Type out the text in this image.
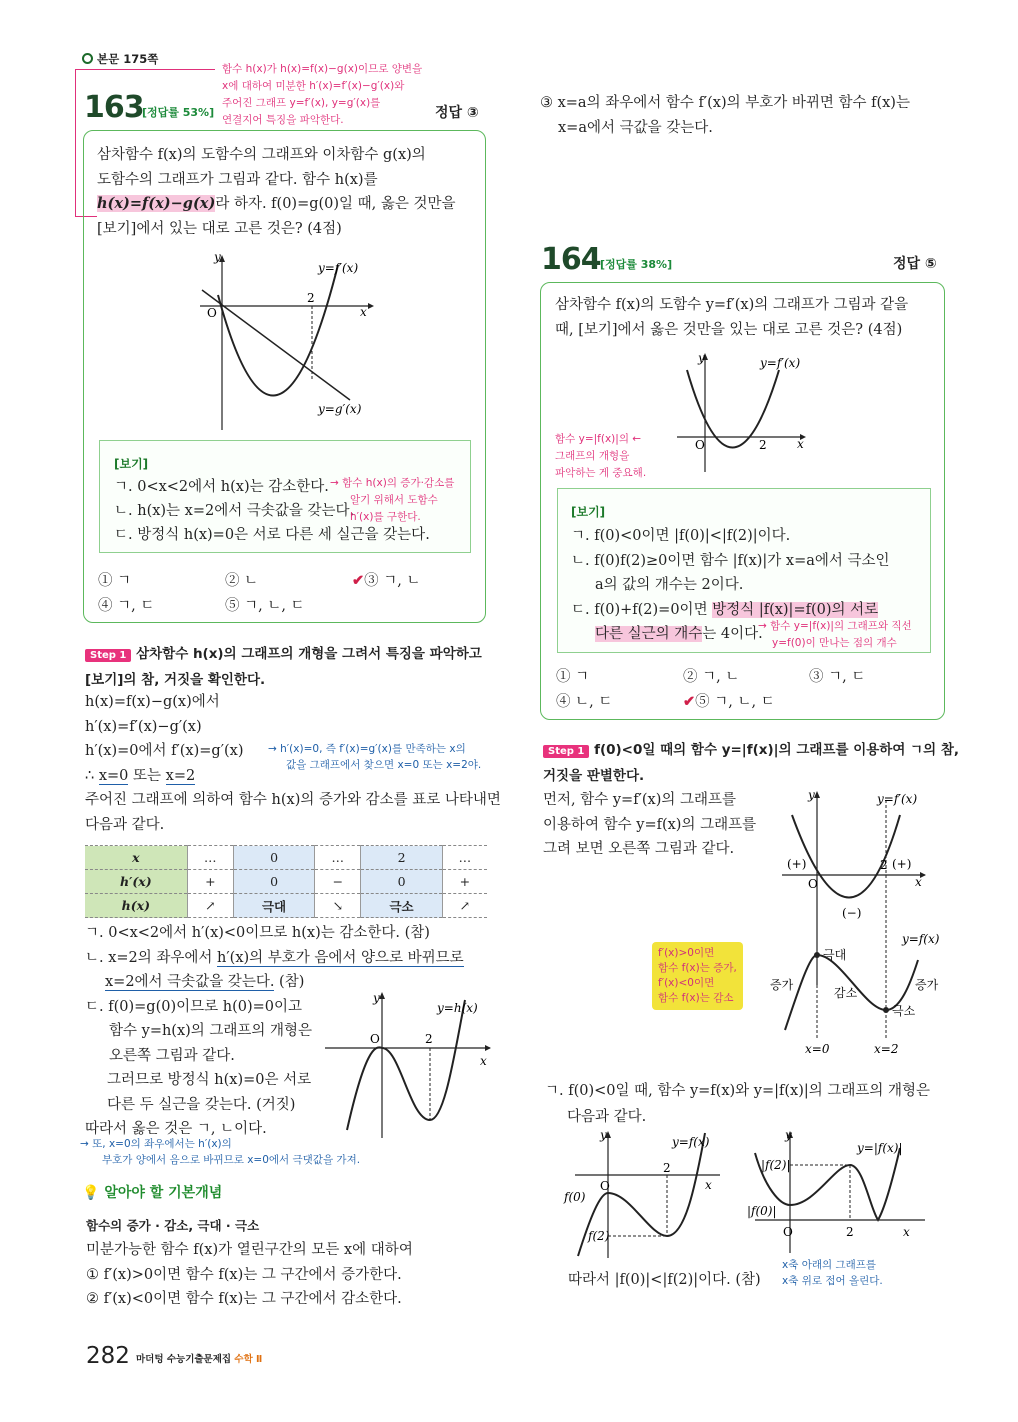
본문 175쪽
163
[정답률 53%]
함수 h(x)가 h(x)=f(x)−g(x)이므로 양변을
x에 대하여 미분한 h′(x)=f′(x)−g′(x)와
주어진 그래프 y=f′(x), y=g′(x)를
연결지어 특징을 파악한다.	정답 ③
삼차함수 f(x)의 도함수의 그래프와 이차함수 g(x)의
도함수의 그래프가 그림과 같다. 함수 h(x)를
h(x)=f(x)−g(x)라 하자. f(0)=g(0)일 때, 옳은 것만을
[보기]에서 있는 대로 고른 것은? (4점)
y
O
2
x
y=f′(x)
y=g′(x)
[보기]
ㄱ. 0<x<2에서 h(x)는 감소한다.
ㄴ. h(x)는 x=2에서 극솟값을 갖는다.
ㄷ. 방정식 h(x)=0은 서로 다른 세 실근을 갖는다.
→ 함수 h(x)의 증가·감소를
알기 위해서 도함수
h′(x)를 구한다.
① ㄱ	② ㄴ	✔③ ㄱ, ㄴ
④ ㄱ, ㄷ	⑤ ㄱ, ㄴ, ㄷ
Step 1 삼차함수 h(x)의 그래프의 개형을 그려서 특징을 파악하고
[보기]의 참, 거짓을 확인한다.
h(x)=f(x)−g(x)에서
h′(x)=f′(x)−g′(x)
h′(x)=0에서 f′(x)=g′(x)
∴ x=0 또는 x=2
주어진 그래프에 의하여 함수 h(x)의 증가와 감소를 표로 나타내면
다음과 같다.
→ h′(x)=0, 즉 f′(x)=g′(x)를 만족하는 x의
값을 그래프에서 찾으면 x=0 또는 x=2야.
x	…	0	…	2	…
h′(x)	+	0	−	0	+
h(x)	↗	극대	↘	극소	↗
ㄱ. 0<x<2에서 h′(x)<0이므로 h(x)는 감소한다. (참)
ㄴ. x=2의 좌우에서 h′(x)의 부호가 음에서 양으로 바뀌므로
x=2에서 극솟값을 갖는다. (참)
ㄷ. f(0)=g(0)이므로 h(0)=0이고
함수 y=h(x)의 그래프의 개형은
오른쪽 그림과 같다.
그러므로 방정식 h(x)=0은 서로
다른 두 실근을 갖는다. (거짓)
따라서 옳은 것은 ㄱ, ㄴ이다.
→ 또, x=0의 좌우에서는 h′(x)의
부호가 양에서 음으로 바뀌므로 x=0에서 극댓값을 가져.
y
O	2
x
y=h(x)
💡 알아야 할 기본개념
함수의 증가 · 감소, 극대 · 극소
미분가능한 함수 f(x)가 열린구간의 모든 x에 대하여
① f′(x)>0이면 함수 f(x)는 그 구간에서 증가한다.
② f′(x)<0이면 함수 f(x)는 그 구간에서 감소한다.
282 마더텅 수능기출문제집 수학 Ⅱ
③ x=a의 좌우에서 함수 f′(x)의 부호가 바뀌면 함수 f(x)는
x=a에서 극값을 갖는다.
164 [정답률 38%]	정답 ⑤
삼차함수 f(x)의 도함수 y=f′(x)의 그래프가 그림과 같을
때, [보기]에서 옳은 것만을 있는 대로 고른 것은? (4점)
y
O	2	x
y=f′(x)
함수 y=|f(x)|의 ←
그래프의 개형을
파악하는 게 중요해.
[보기]
ㄱ. f(0)<0이면 |f(0)|<|f(2)|이다.
ㄴ. f(0)f(2)≥0이면 함수 |f(x)|가 x=a에서 극소인
a의 값의 개수는 2이다.
ㄷ. f(0)+f(2)=0이면 방정식 |f(x)|=f(0)의 서로
다른 실근의 개수는 4이다.
→ 함수 y=|f(x)|의 그래프와 직선
y=f(0)이 만나는 점의 개수
① ㄱ	② ㄱ, ㄴ	③ ㄱ, ㄷ
④ ㄴ, ㄷ	✔⑤ ㄱ, ㄴ, ㄷ
Step 1 f(0)<0일 때의 함수 y=|f(x)|의 그래프를 이용하여 ㄱ의 참,
거짓을 판별한다.
먼저, 함수 y=f′(x)의 그래프를
이용하여 함수 y=f(x)의 그래프를
그려 보면 오른쪽 그림과 같다.
y	y=f′(x)
(+)	2 (+)
O	x
(−)
y=f(x)
극대
증가
감소
증가
극소
x=0	x=2
f′(x)>0이면
함수 f(x)는 증가,
f′(x)<0이면
함수 f(x)는 감소
ㄱ. f(0)<0일 때, 함수 y=f(x)와 y=|f(x)|의 그래프의 개형은
다음과 같다.
y
O
2
x
y=f(x)
f(0)
f(2)
y
O	2	x
y=|f(x)|
|f(2)|
|f(0)|
따라서 |f(0)|<|f(2)|이다. (참)
x축 아래의 그래프를
x축 위로 접어 올린다.
